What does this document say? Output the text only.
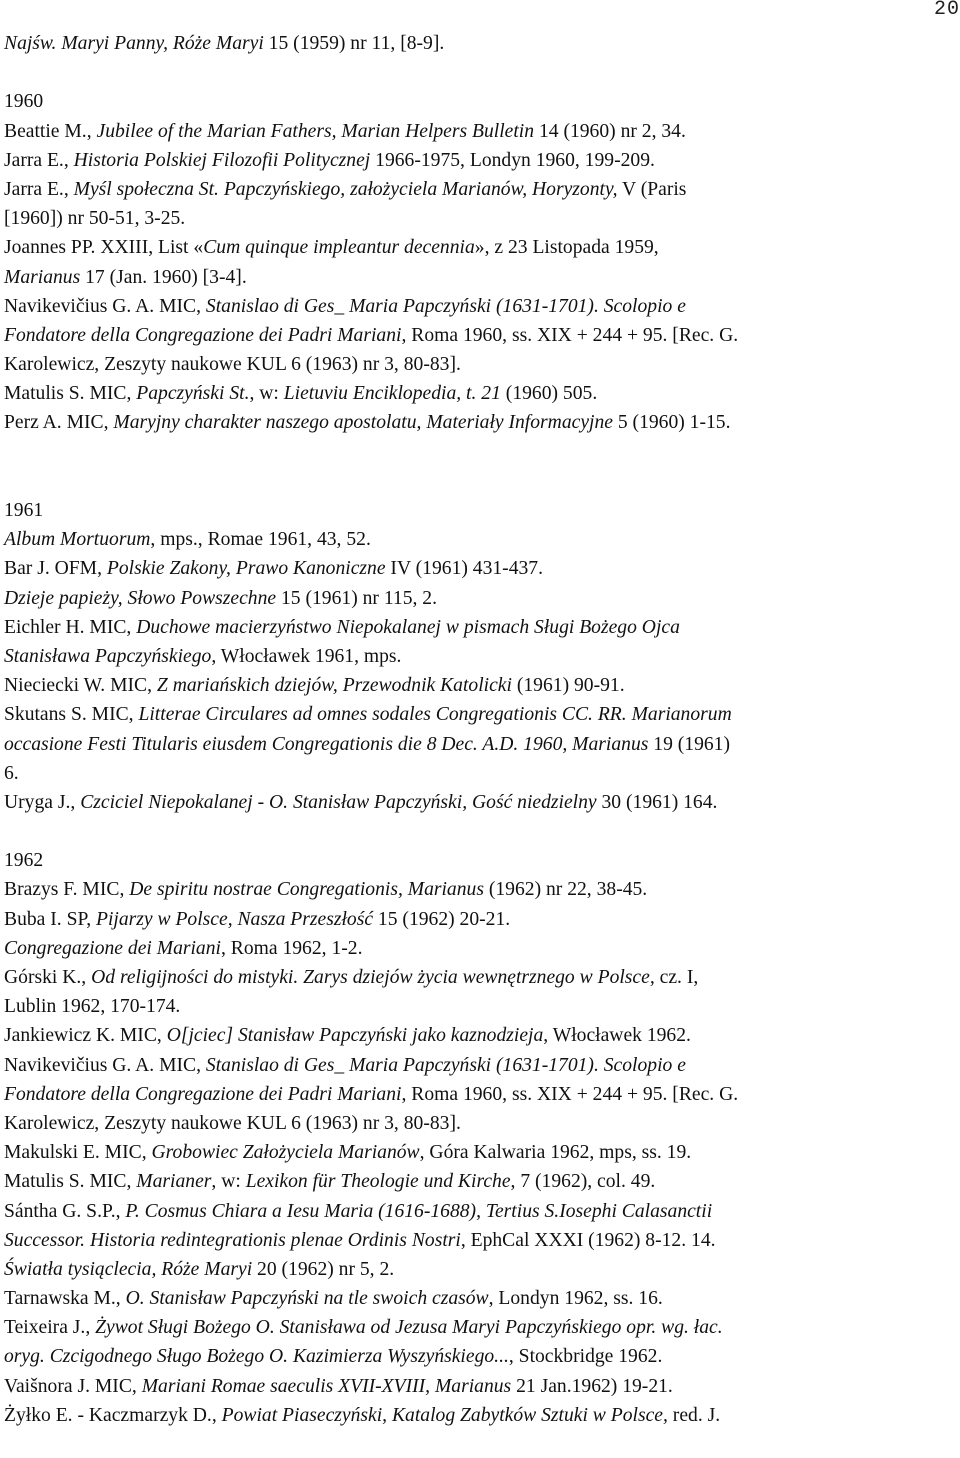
20
Najśw. Maryi Panny, Róże Maryi 15 (1959) nr 11, [8-9].
1960
Beattie M., Jubilee of the Marian Fathers, Marian Helpers Bulletin 14 (1960) nr 2, 34.
Jarra E., Historia Polskiej Filozofii Politycznej 1966-1975, Londyn 1960, 199-209.
Jarra E., Myśl społeczna St. Papczyńskiego, założyciela Marianów, Horyzonty, V (Paris
[1960]) nr 50-51, 3-25.
Joannes PP. XXIII, List «Cum quinque impleantur decennia», z 23 Listopada 1959,
Marianus 17 (Jan. 1960) [3-4].
Navikevičius G. A. MIC, Stanislao di Ges_ Maria Papczyński (1631-1701). Scolopio e
Fondatore della Congregazione dei Padri Mariani, Roma 1960, ss. XIX + 244 + 95. [Rec. G.
Karolewicz, Zeszyty naukowe KUL 6 (1963) nr 3, 80-83].
Matulis S. MIC, Papczyński St., w: Lietuviu Enciklopedia, t. 21 (1960) 505.
Perz A. MIC, Maryjny charakter naszego apostolatu, Materiały Informacyjne 5 (1960) 1-15.
1961
Album Mortuorum, mps., Romae 1961, 43, 52.
Bar J. OFM, Polskie Zakony, Prawo Kanoniczne IV (1961) 431-437.
Dzieje papieży, Słowo Powszechne 15 (1961) nr 115, 2.
Eichler H. MIC, Duchowe macierzyństwo Niepokalanej w pismach Sługi Bożego Ojca
Stanisława Papczyńskiego, Włocławek 1961, mps.
Nieciecki W. MIC, Z mariańskich dziejów, Przewodnik Katolicki (1961) 90-91.
Skutans S. MIC, Litterae Circulares ad omnes sodales Congregationis CC. RR. Marianorum
occasione Festi Titularis eiusdem Congregationis die 8 Dec. A.D. 1960, Marianus 19 (1961)
6.
Uryga J., Czciciel Niepokalanej - O. Stanisław Papczyński, Gość niedzielny 30 (1961) 164.
1962
Brazys F. MIC, De spiritu nostrae Congregationis, Marianus (1962) nr 22, 38-45.
Buba I. SP, Pijarzy w Polsce, Nasza Przeszłość 15 (1962) 20-21.
Congregazione dei Mariani, Roma 1962, 1-2.
Górski K., Od religijności do mistyki. Zarys dziejów życia wewnętrznego w Polsce, cz. I,
Lublin 1962, 170-174.
Jankiewicz K. MIC, O[jciec] Stanisław Papczyński jako kaznodzieja, Włocławek 1962.
Navikevičius G. A. MIC, Stanislao di Ges_ Maria Papczyński (1631-1701). Scolopio e
Fondatore della Congregazione dei Padri Mariani, Roma 1960, ss. XIX + 244 + 95. [Rec. G.
Karolewicz, Zeszyty naukowe KUL 6 (1963) nr 3, 80-83].
Makulski E. MIC, Grobowiec Założyciela Marianów, Góra Kalwaria 1962, mps, ss. 19.
Matulis S. MIC, Marianer, w: Lexikon für Theologie und Kirche, 7 (1962), col. 49.
Sántha G. S.P., P. Cosmus Chiara a Iesu Maria (1616-1688), Tertius S.Iosephi Calasanctii
Successor. Historia redintegrationis plenae Ordinis Nostri, EphCal XXXI (1962) 8-12. 14.
Światła tysiąclecia, Róże Maryi 20 (1962) nr 5, 2.
Tarnawska M., O. Stanisław Papczyński na tle swoich czasów, Londyn 1962, ss. 16.
Teixeira J., Żywot Sługi Bożego O. Stanisława od Jezusa Maryi Papczyńskiego opr. wg. łac.
oryg. Czcigodnego Sługo Bożego O. Kazimierza Wyszyńskiego..., Stockbridge 1962.
Vaišnora J. MIC, Mariani Romae saeculis XVII-XVIII, Marianus 21 Jan.1962) 19-21.
Żyłko E. - Kaczmarzyk D., Powiat Piaseczyński, Katalog Zabytków Sztuki w Polsce, red. J.
